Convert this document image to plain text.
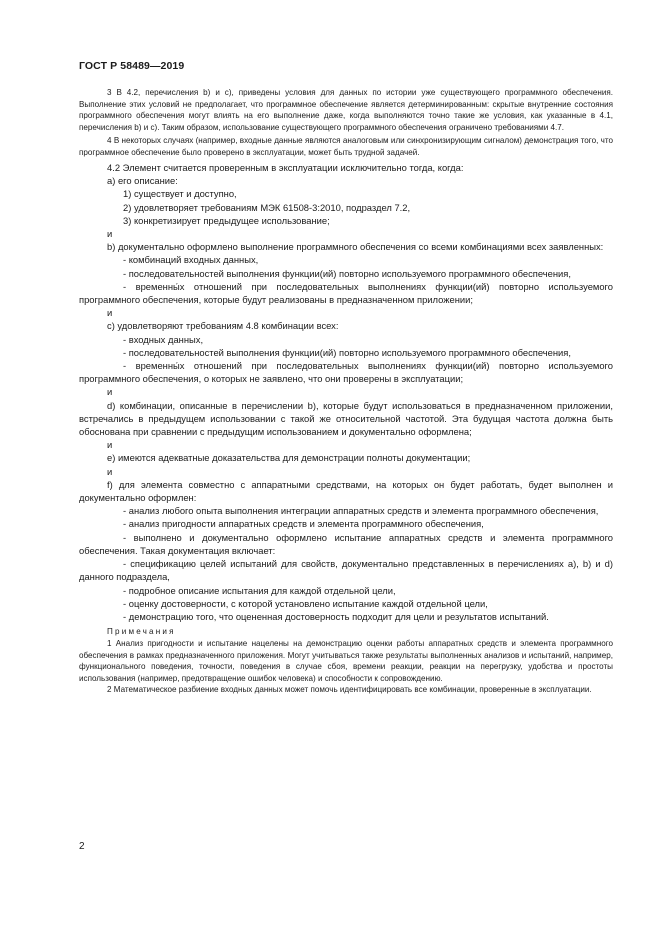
ГОСТ Р 58489—2019

3 В 4.2, перечисления b) и c), приведены условия для данных по истории уже существующего программного обеспечения. Выполнение этих условий не предполагает, что программное обеспечение является детерминированным: скрытые внутренние состояния программного обеспечения могут влиять на его выполнение даже, когда выполняются точно такие же условия, как указанные в 4.1, перечисления b) и c). Таким образом, использование существующего программного обеспечения ограничено требованиями 4.7.

4 В некоторых случаях (например, входные данные являются аналоговым или синхронизирующим сигналом) демонстрация того, что программное обеспечение было проверено в эксплуатации, может быть трудной задачей.

4.2 Элемент считается проверенным в эксплуатации исключительно тогда, когда:

a) его описание:

1) существует и доступно,

2) удовлетворяет требованиям МЭК 61508-3:2010, подраздел 7.2,

3) конкретизирует предыдущее использование;

и

b) документально оформлено выполнение программного обеспечения со всеми комбинациями всех заявленных:

- комбинаций входных данных,

- последовательностей выполнения функции(ий) повторно используемого программного обеспечения,

- временны́х отношений при последовательных выполнениях функции(ий) повторно используемого программного обеспечения, которые будут реализованы в предназначенном приложении;

и

c) удовлетворяют требованиям 4.8 комбинации всех:

- входных данных,

- последовательностей выполнения функции(ий) повторно используемого программного обеспечения,

- временны́х отношений при последовательных выполнениях функции(ий) повторно используемого программного обеспечения, о которых не заявлено, что они проверены в эксплуатации;

и

d) комбинации, описанные в перечислении b), которые будут использоваться в предназначенном приложении, встречались в предыдущем использовании с такой же относительной частотой. Эта будущая частота должна быть обоснована при сравнении с предыдущим использованием и документально оформлена;

и

e) имеются адекватные доказательства для демонстрации полноты документации;

и

f) для элемента совместно с аппаратными средствами, на которых он будет работать, будет выполнен и документально оформлен:

- анализ любого опыта выполнения интеграции аппаратных средств и элемента программного обеспечения,

- анализ пригодности аппаратных средств и элемента программного обеспечения,

- выполнено и документально оформлено испытание аппаратных средств и элемента программного обеспечения. Такая документация включает:

- спецификацию целей испытаний для свойств, документально представленных в перечислениях a), b) и d) данного подраздела,

- подробное описание испытания для каждой отдельной цели,

- оценку достоверности, с которой установлено испытание каждой отдельной цели,

- демонстрацию того, что оцененная достоверность подходит для цели и результатов испытаний.

Примечания

1 Анализ пригодности и испытание нацелены на демонстрацию оценки работы аппаратных средств и элемента программного обеспечения в рамках предназначенного приложения. Могут учитываться также результаты выполненных анализов и испытаний, например, функционального поведения, точности, поведения в случае сбоя, времени реакции, реакции на перегрузку, удобства и простоты использования (например, предотвращение ошибок человека) и способности к сопровождению.

2 Математическое разбиение входных данных может помочь идентифицировать все комбинации, проверенные в эксплуатации.

2
